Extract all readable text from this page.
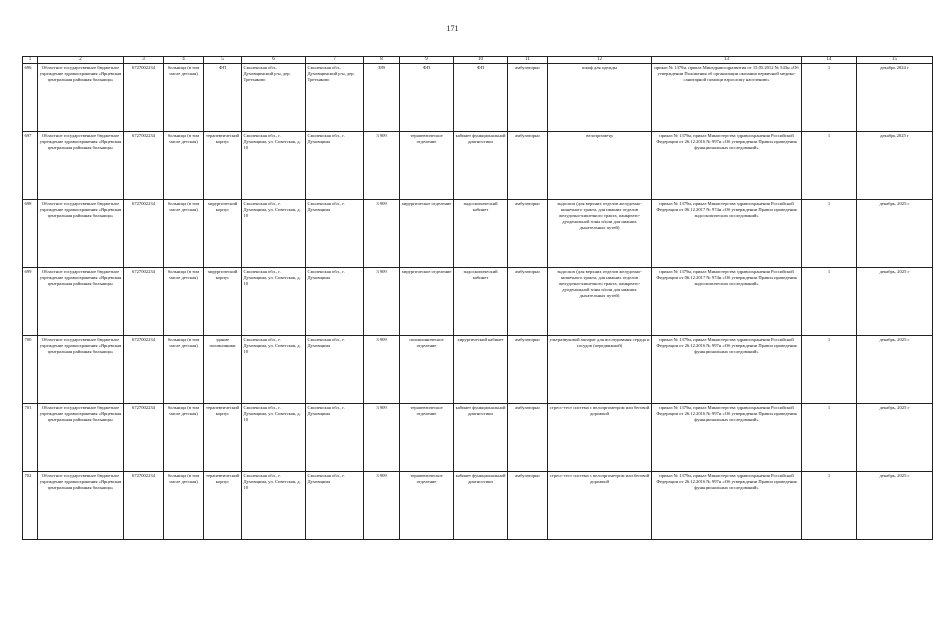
171
1	2	3	4	5	6	7	8	9	10	11	12	13	14	15
696	Областное государственное бюджетное учреждение здравоохранения «Ярцевская центральная районная больница»	6727002234	больница (в том числе детская)	ФП	Смоленская обл., Духовщинский р-н, дер. Третьяково	Смоленская обл., Духовщинский р-н, дер. Третьяково	389	ФП	ФП	амбулаторно	шкаф для одежды	приказ № 1379н, приказ Минздравсоцразвития от 15.05.2012 № 543н «Об утверждении Положения об организации оказания первичной медико-санитарной помощи взрослому населению»	1	декабрь 2024 г
697	Областное государственное бюджетное учреждение здравоохранения «Ярцевская центральная районная больница»	6727002234	больница (в том числе детская)	терапевтический корпус	Смоленская обл., г. Духовщина, ул. Советская, д. 10	Смоленская обл., г. Духовщина	3 909	терапевтическое отделение	кабинет функциональной диагностики	амбулаторно	велоэргометр	приказ № 1379н, приказ Министерства здравоохранения Российской Федерации от 26.12.2016 № 997н «Об утверждении Правил проведения функциональных исследований»	1	декабрь 2025 г
698	Областное государственное бюджетное учреждение здравоохранения «Ярцевская центральная районная больница»	6727002234	больница (в том числе детская)	хирургический корпус	Смоленская обл., г. Духовщина, ул. Советская, д. 10	Смоленская обл., г. Духовщина	3 909	хирургическое отделение	эндоскопический кабинет	амбулаторно	эндоскоп (для верхних отделов желудочно-кишечного тракта, для нижних отделов желудочно-кишечного тракта, панкреато-дуоденальной зоны и/или для нижних дыхательных путей)	приказ № 1379н, приказ Министерства здравоохранения Российской Федерации от 06.12.2017 № 974н «Об утверждении Правил проведения эндоскопических исследований»	1	декабрь, 2025 г
699	Областное государственное бюджетное учреждение здравоохранения «Ярцевская центральная районная больница»	6727002234	больница (в том числе детская)	хирургический корпус	Смоленская обл., г. Духовщина, ул. Советская, д. 10	Смоленская обл., г. Духовщина	3 909	хирургическое отделение	эндоскопический кабинет	амбулаторно	эндоскоп (для верхних отделов желудочно-кишечного тракта, для нижних отделов желудочно-кишечного тракта, панкреато-дуоденальной зоны и/или для нижних дыхательных путей)	приказ № 1379н, приказ Министерства здравоохранения Российской Федерации от 06.12.2017 № 974н «Об утверждении Правил проведения эндоскопических исследований»	1	декабрь, 2025 г
700	Областное государственное бюджетное учреждение здравоохранения «Ярцевская центральная районная больница»	6727002234	больница (в том числе детская)	здание поликлиники	Смоленская обл., г. Духовщина, ул. Советская, д. 10	Смоленская обл., г. Духовщина	3 909	поликлиническое отделение	хирургический кабинет	амбулаторно	ультразвуковой аппарат для исследования сердца и сосудов (передвижной)	приказ № 1379н, приказ Министерства здравоохранения Российской Федерации от 26.12.2016 № 997н «Об утверждении Правил проведения функциональных исследований»	1	декабрь, 2025 г
701	Областное государственное бюджетное учреждение здравоохранения «Ярцевская центральная районная больница»	6727002234	больница (в том числе детская)	терапевтический корпус	Смоленская обл., г. Духовщина, ул. Советская, д. 10	Смоленская обл., г. Духовщина	3 909	терапевтическое отделение	кабинет функциональной диагностики	амбулаторно	стресс-тест система с велоэргометром или беговой дорожкой	приказ № 1379н, приказ Министерства здравоохранения Российской Федерации от 26.12.2016 № 997н «Об утверждении Правил проведения функциональных исследований»	1	декабрь, 2025 г
702	Областное государственное бюджетное учреждение здравоохранения «Ярцевская центральная районная больница»	6727002234	больница (в том числе детская)	терапевтический корпус	Смоленская обл., г. Духовщина, ул. Советская, д. 10	Смоленская обл., г. Духовщина	3 909	терапевтическое отделение	кабинет функциональной диагностики	амбулаторно	стресс-тест система с велоэргометром или беговой дорожкой	приказ № 1379н, приказ Министерства здравоохранения Российской Федерации от 26.12.2016 № 997н «Об утверждении Правил проведения функциональных исследований»	1	декабрь, 2025 г
